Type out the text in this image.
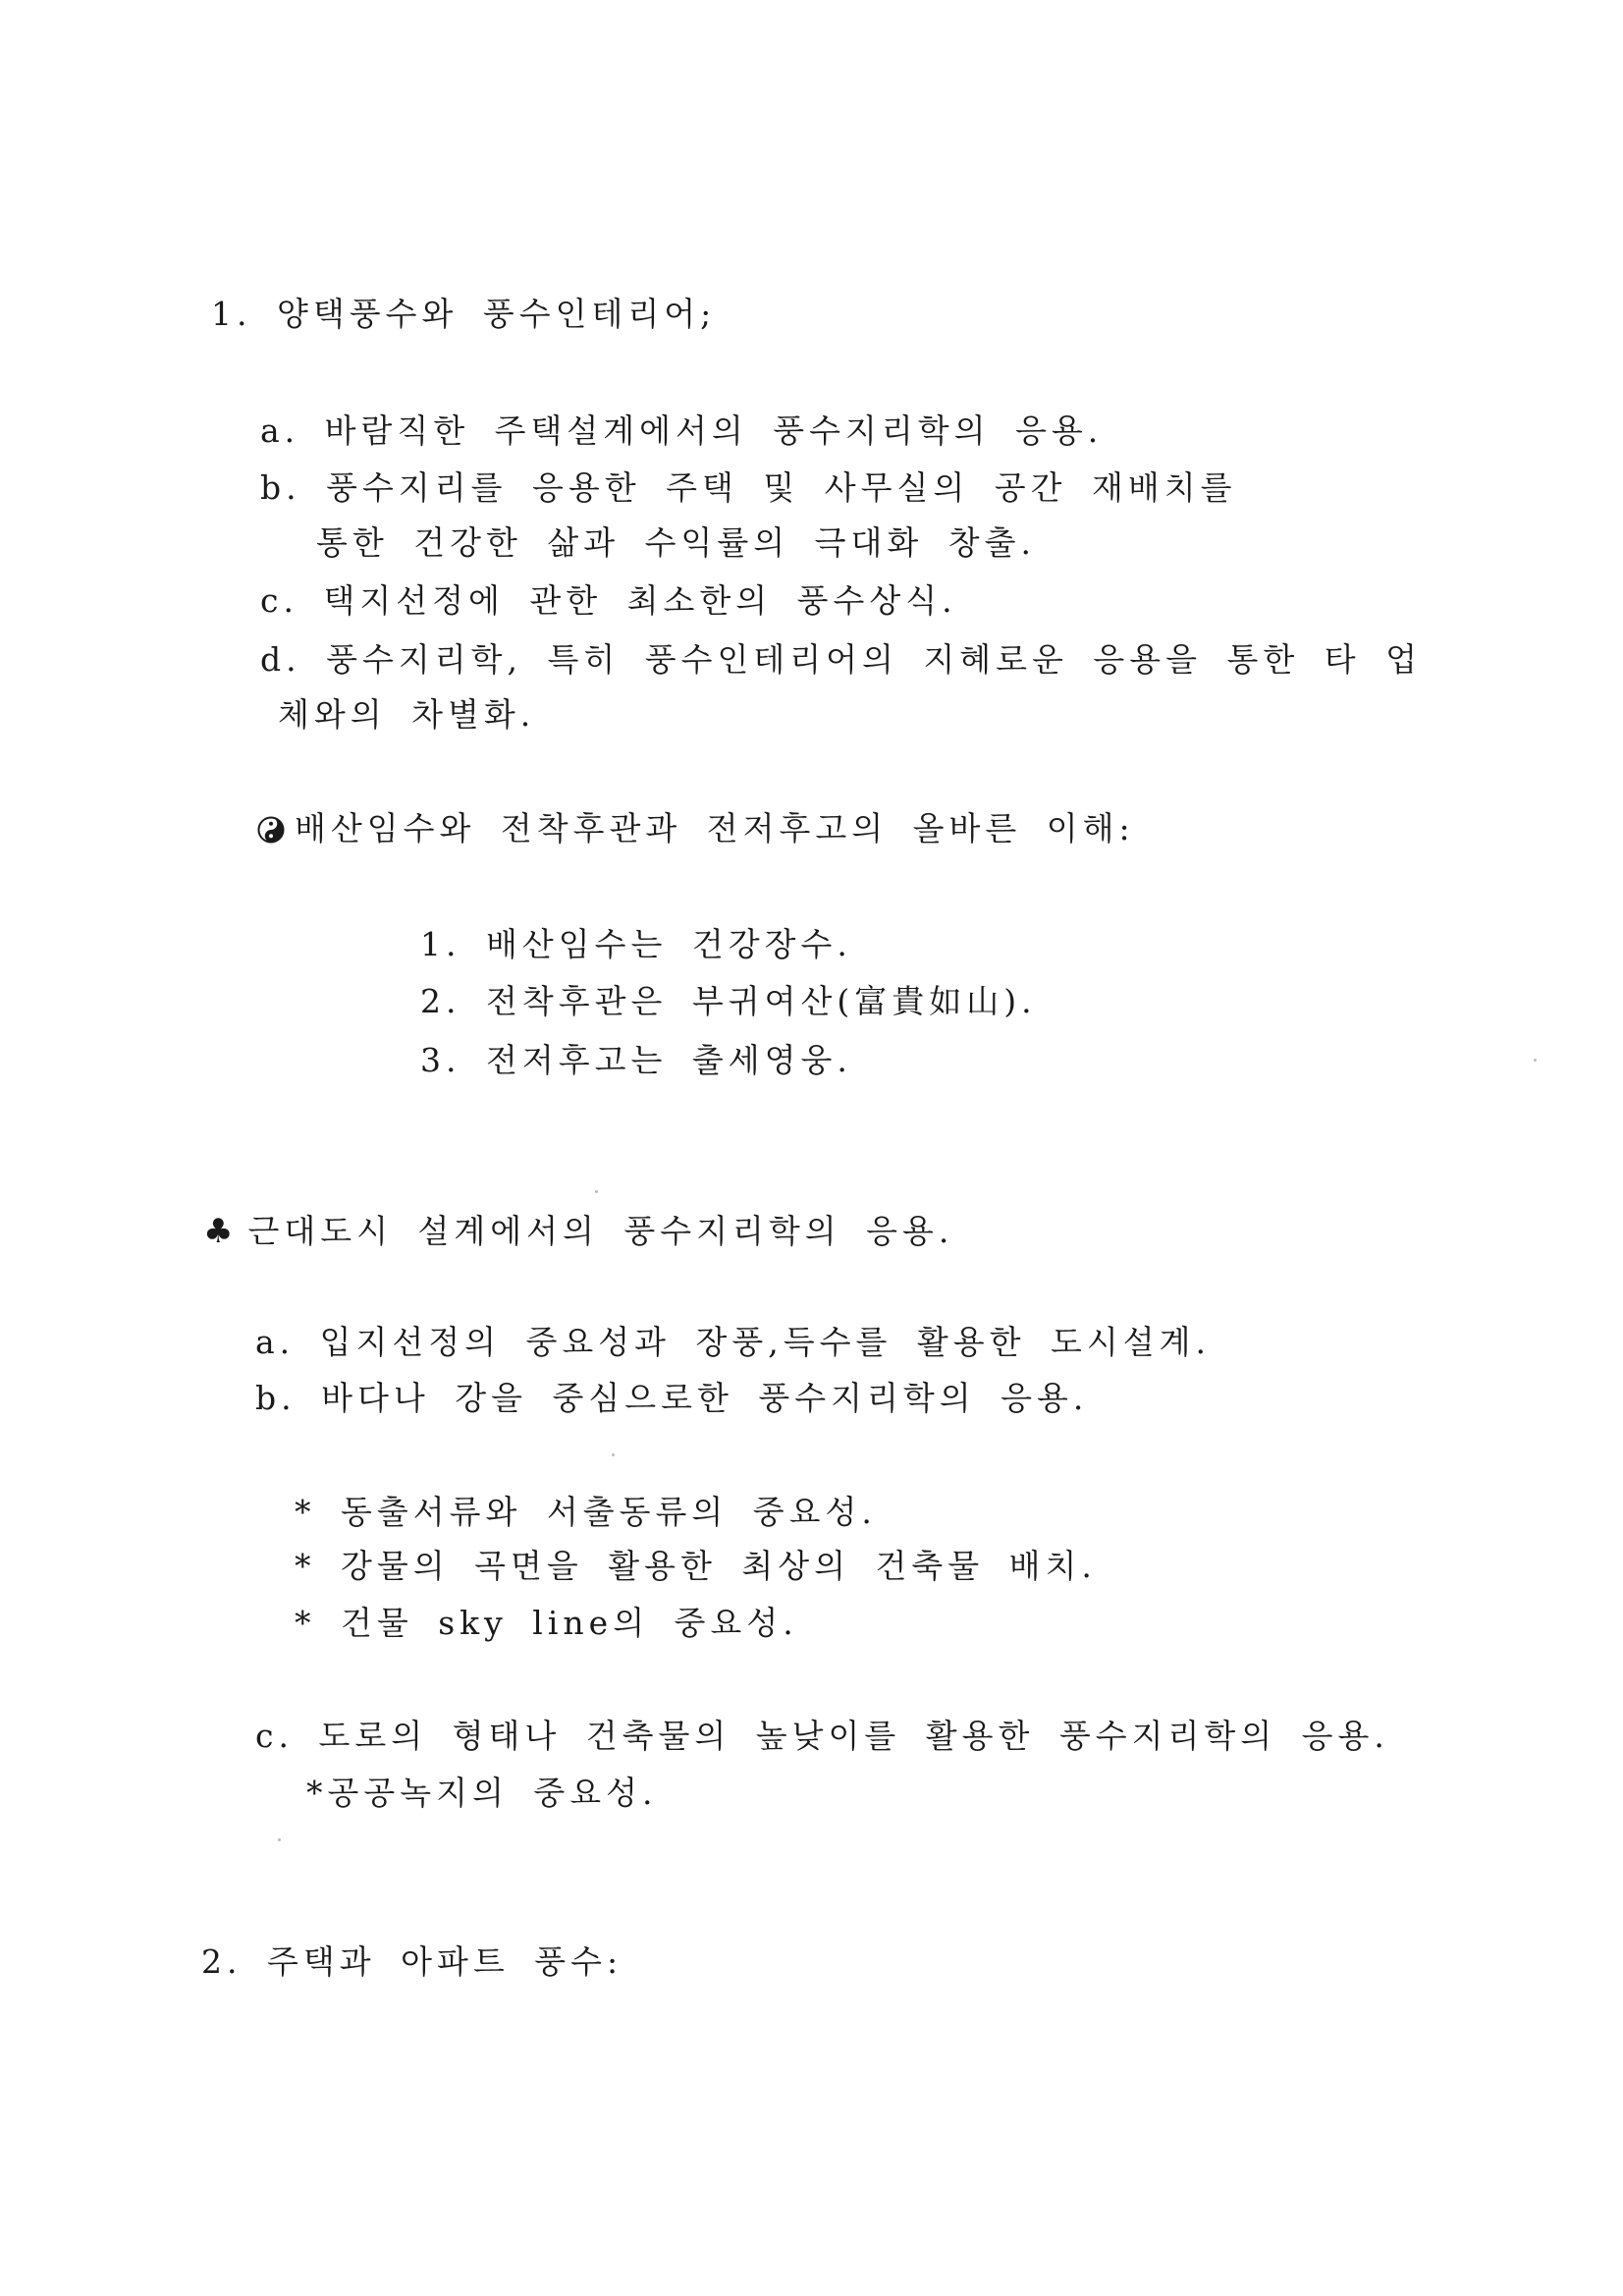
1. 양택풍수와 풍수인테리어;
a. 바람직한 주택설계에서의 풍수지리학의 응용.
b. 풍수지리를 응용한 주택 및 사무실의 공간 재배치를
통한 건강한 삶과 수익률의 극대화 창출.
c. 택지선정에 관한 최소한의 풍수상식.
d. 풍수지리학, 특히 풍수인테리어의 지혜로운 응용을 통한 타 업
체와의 차별화.
배산임수와 전착후관과 전저후고의 올바른 이해:
1. 배산임수는 건강장수.
2. 전착후관은 부귀여산(富貴如山).
3. 전저후고는 출세영웅.
♣ 근대도시 설계에서의 풍수지리학의 응용.
a. 입지선정의 중요성과 장풍,득수를 활용한 도시설계.
b. 바다나 강을 중심으로한 풍수지리학의 응용.
* 동출서류와 서출동류의 중요성.
* 강물의 곡면을 활용한 최상의 건축물 배치.
* 건물 sky line의 중요성.
c. 도로의 형태나 건축물의 높낮이를 활용한 풍수지리학의 응용.
*공공녹지의 중요성.
2. 주택과 아파트 풍수:
